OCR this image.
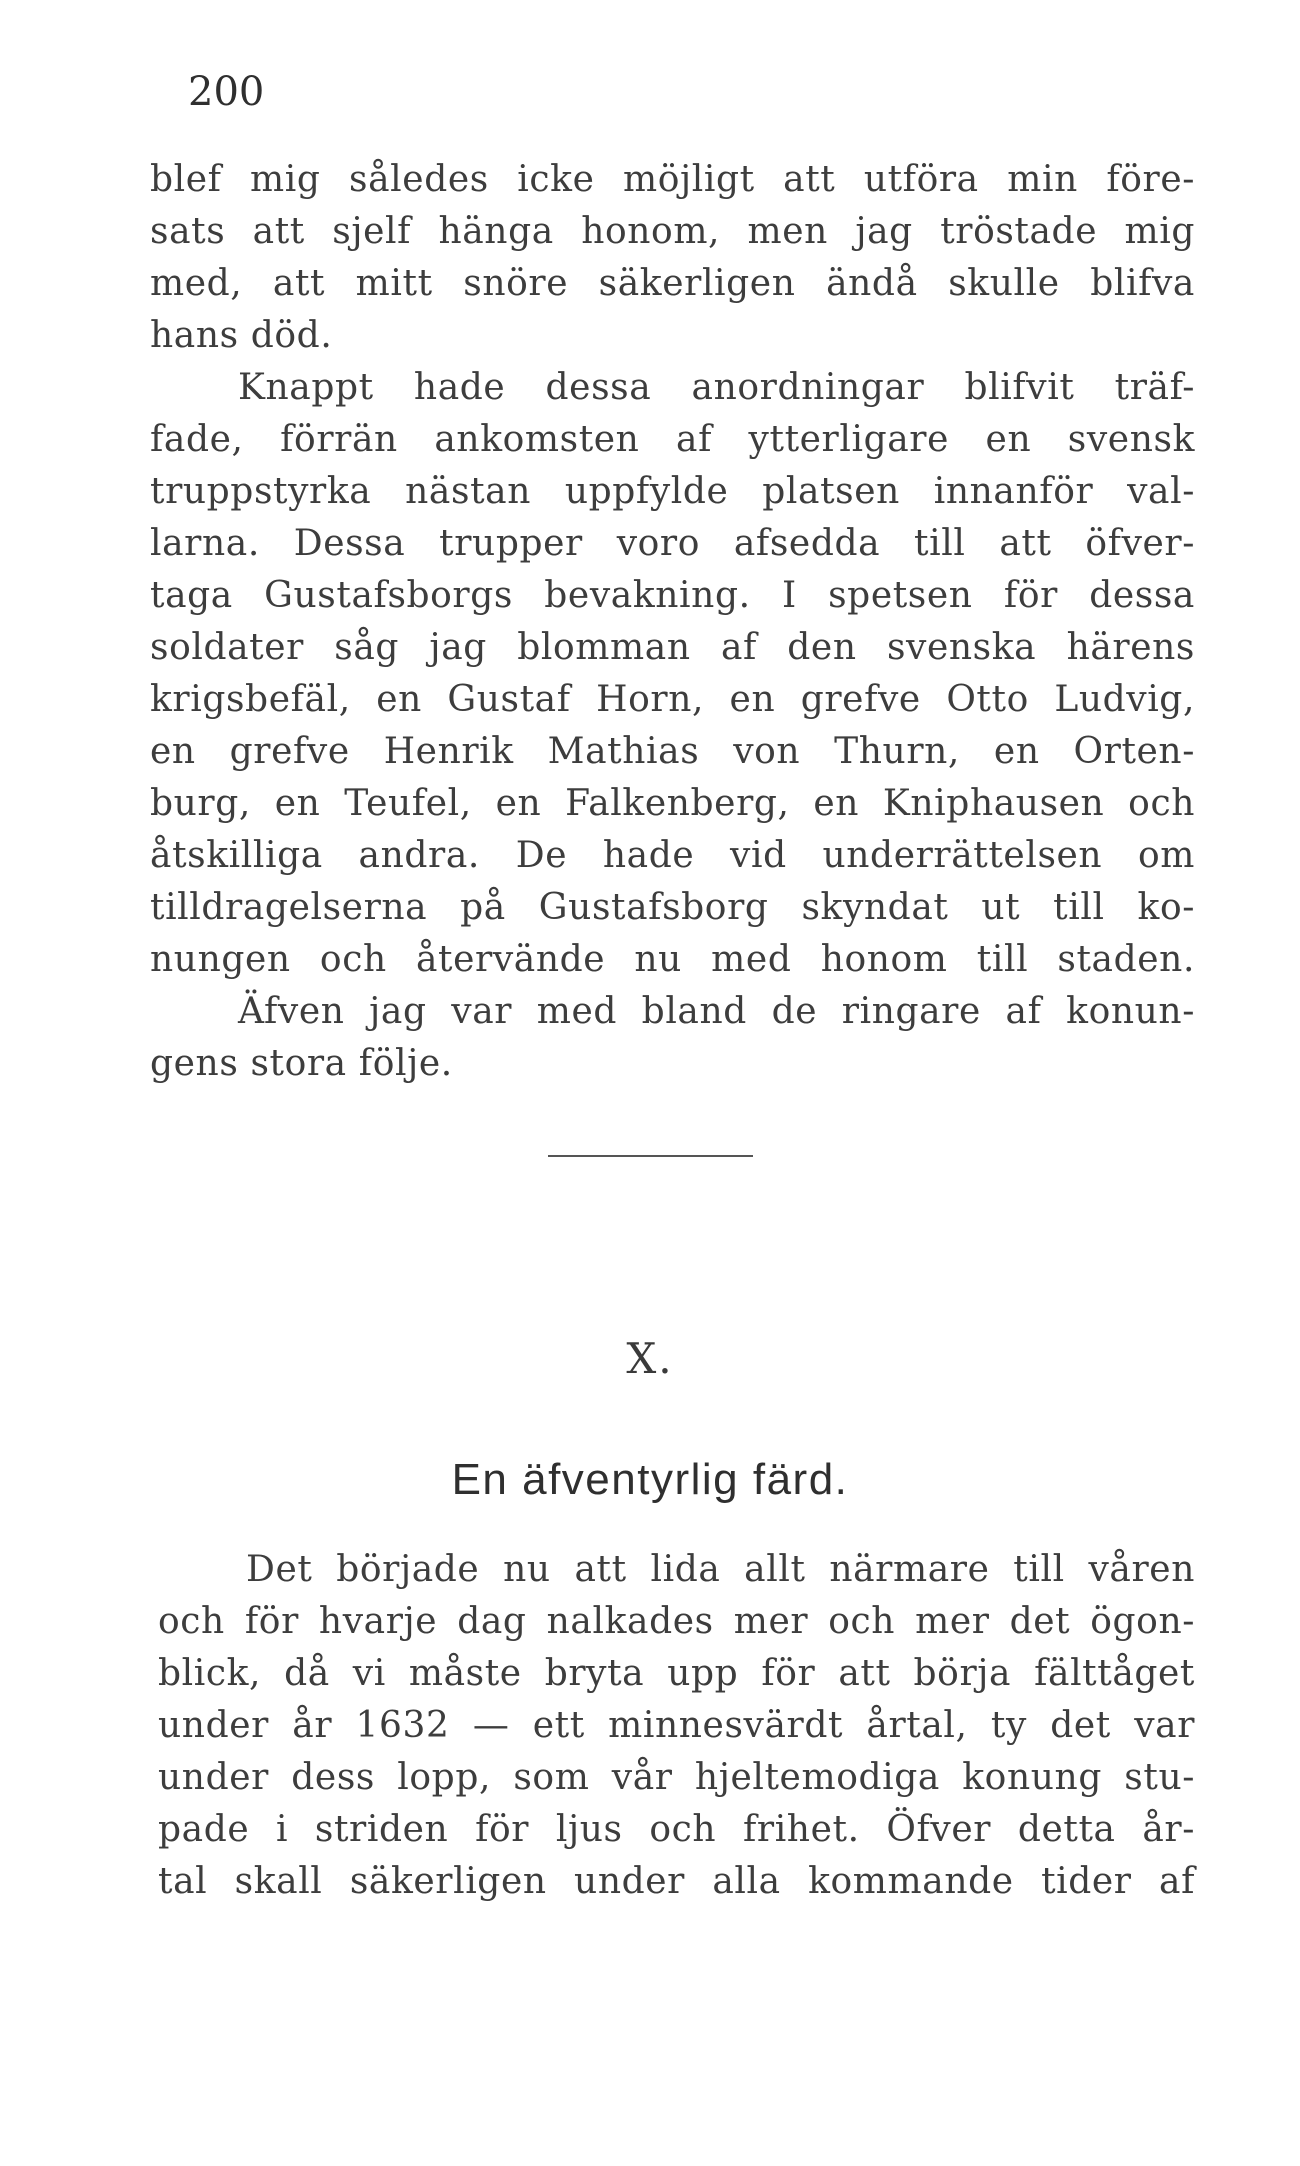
200
blef mig således icke möjligt att utföra min före-
sats att sjelf hänga honom, men jag tröstade mig
med, att mitt snöre säkerligen ändå skulle blifva
hans död.
Knappt hade dessa anordningar blifvit träf-
fade, förrän ankomsten af ytterligare en svensk
truppstyrka nästan uppfylde platsen innanför val-
larna. Dessa trupper voro afsedda till att öfver-
taga Gustafsborgs bevakning. I spetsen för dessa
soldater såg jag blomman af den svenska härens
krigsbefäl, en Gustaf Horn, en grefve Otto Ludvig,
en grefve Henrik Mathias von Thurn, en Orten-
burg, en Teufel, en Falkenberg, en Kniphausen och
åtskilliga andra. De hade vid underrättelsen om
tilldragelserna på Gustafsborg skyndat ut till ko-
nungen och återvände nu med honom till staden.
Äfven jag var med bland de ringare af konun-
gens stora följe.
X.
En äfventyrlig färd.
Det började nu att lida allt närmare till våren
och för hvarje dag nalkades mer och mer det ögon-
blick, då vi måste bryta upp för att börja fälttåget
under år 1632 — ett minnesvärdt årtal, ty det var
under dess lopp, som vår hjeltemodiga konung stu-
pade i striden för ljus och frihet. Öfver detta år-
tal skall säkerligen under alla kommande tider af
